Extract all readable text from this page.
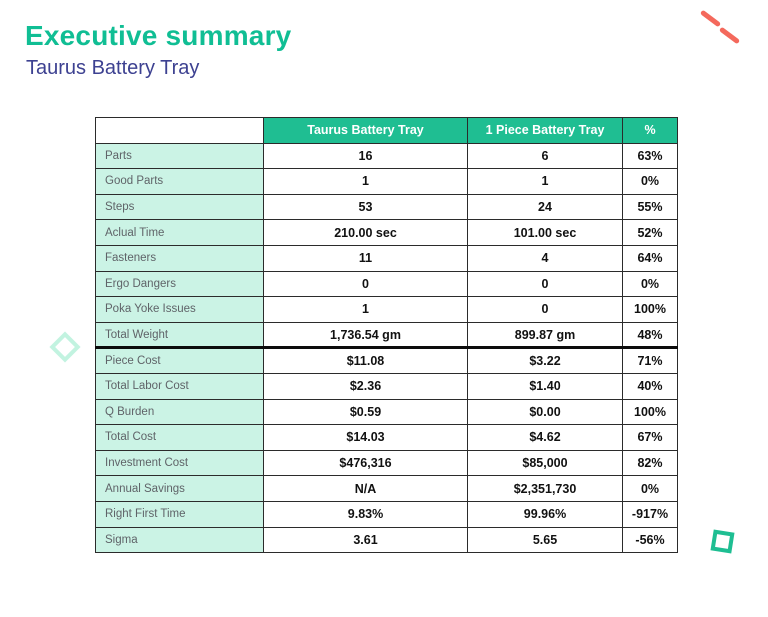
Executive summary
Taurus Battery Tray
	Taurus Battery Tray	1 Piece Battery Tray	%
Parts	16	6	63%
Good Parts	1	1	0%
Steps	53	24	55%
Aclual Time	210.00 sec	101.00 sec	52%
Fasteners	11	4	64%
Ergo Dangers	0	0	0%
Poka Yoke Issues	1	0	100%
Total Weight	1,736.54 gm	899.87 gm	48%
Piece Cost	$11.08	$3.22	71%
Total Labor Cost	$2.36	$1.40	40%
Q Burden	$0.59	$0.00	100%
Total Cost	$14.03	$4.62	67%
Investment Cost	$476,316	$85,000	82%
Annual Savings	N/A	$2,351,730	0%
Right First Time	9.83%	99.96%	-917%
Sigma	3.61	5.65	-56%
